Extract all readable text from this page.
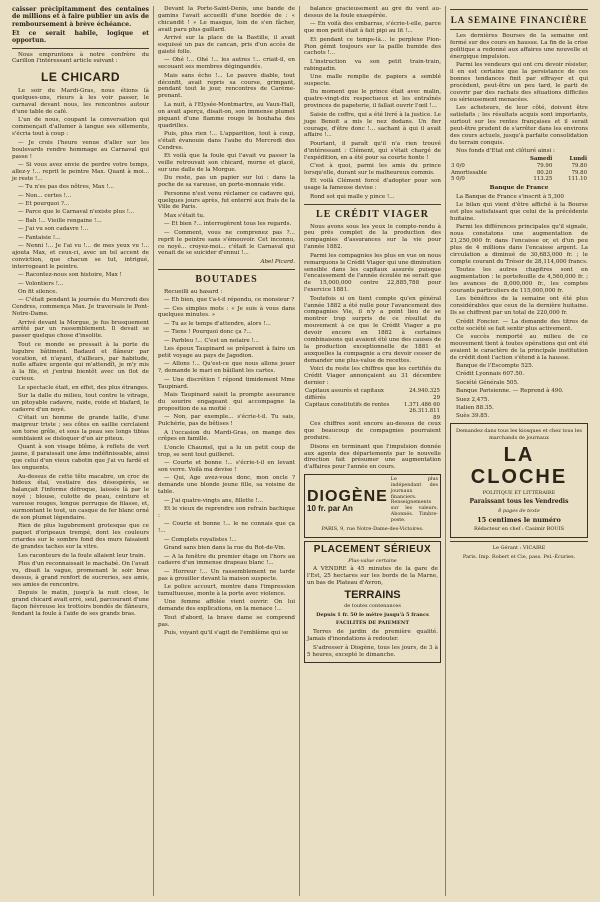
caisser précipitamment des centaines de millions et à faire publier un avis de remboursement à brève échéance.

Et ce serait habile, logique et opportun.

Nous empruntons à notre confrère du Carillon l'intéressant article suivant :

LE CHICARD

Le soir du Mardi-Gras, nous étions là quelques-uns, rieurs à les voir passer, le carnaval devant nous, les rencontres autour d'une table de café.

L'un de nous, coupant la conversation qui commençait d'allumer à langue ses sillements, s'écria tout à coup :

— Je crois l'heure venue d'aller sur les boulevards rendre hommage au Carnaval qui passe !

— Si vous avez envie de perdre votre temps, allez-y !... reprit le peintre Max. Quant à moi... je reste !...

— Tu n'es pas des nôtres, Max !...

— Non... certes !...

— Et pourquoi ?...

— Parce que le Carnaval n'existe plus !...

— Bah !... Vieille rengaine !...

— J'ai vu son cadavre !...

— Fantaisie !...

— Nenni !... Je l'ai vu !... de mes yeux vu !... ajouta Max, et ceux-ci, avec un tel accent de conviction, que chacun se tut, intrigué, interrogeant le peintre.

— Racontez-nous son histoire, Max !

— Volontiers !...

On fit silence.

— C'était pendant la journée du Mercredi des Cendres, commença Max. Je traversais le Pont-Notre-Dame.

Arrivé devant la Morgue, je fus brusquement arrêté par un rassemblement. Il devait se passer quelque chose d'insolite.

Tout ce monde se pressait à la porte du lugubre bâtiment. Badaud et flâneur par vocation, et n'ayant, d'ailleurs, par habitude, nulle affaire urgente qui m'attendît, je m'y mis à la file, et j'entrai bientôt avec un flot de curieux.

Le spectacle était, en effet, des plus étranges.

Sur la dalle du milieu, tout contre le vitrage, un pitoyable cadavre, raide, roide et blafard, le cadavre d'un noyé.

C'était un homme de grande taille, d'une maigreur triste ; ses côtes en saillie cerclaient son torse grêle, et sous la peau ses longs tibias semblaient se disloquer d'un air piteux.

Quant à son visage blême, à reflets de vert jaune, il paraissait une âme indéfinissable, ainsi que celui d'un vieux cabotin que j'ai vu fardé et les onguents.

Au-dessus de cette tête macabre, un croc de hideux étal, vestiaire des désespérés, se balançait l'informe défroque, laissée là par le noyé ; blouse, culotte de peau, ceinture et vareuse rouges, longue perruque de filasse, et, surmontant le tout, un casque de fer blanc orné de son plumet légendaire.

Rien de plus lugubrement grotesque que ce paquet d'oripeaux trempé, dont les couleurs criardes sur le sombre fond des murs faisaient de grandes taches sur la vitre.

Les raconteurs de la foule allaient leur train.

Plus d'un reconnaissait le machabé. On l'avait vu, disait la vague, promenant le soir bras dessus, à grand renfort de sucreries, ses amis, ses amies de rencontre.

Depuis le matin, jusqu'à la nuit close, le grand chicard avait erré, seul, parcourant d'une façon fiévreuse les trottoirs bondés de flâneurs, fendant la foule à l'aide de ses grands bras.

Devant la Porte-Saint-Denis, une bande de gamins l'avait accueilli d'une bordée de : « chicandit ! » Le masque, loin de s'en fâcher, avait paru plus gaillard.

Arrivé sur la place de la Bastille, il avait esquissé un pas de cancan, pris d'un accès de gaieté folle.

— Ohé !... Ohé !... les autres !... criait-il, en secouant ses membres dégingandés.

Mais sans écho !... Le pauvre diable, tout déconfit, avait repris sa course, grimpant, pendant tout le jour, rencontres de Caréme-prenant.

La nuit, à l'Elysée-Montmartre, au Vaux-Hall, on avait aperçu, disait-on, son immense plumet piquant d'une flamme rouge le houhaha des quadrilles.

Puis, plus rien !... L'apparition, tout à coup, s'était évanouie dans l'aube du Mercredi des Cendres.

Et voilà que la foule qui l'avait vu passer la veille retrouvait son chicard, morne et glacé, sur une dalle de la Morgue.

Du reste, pas un papier sur lui : dans la poche de sa vareuse, un porte-monnaie vide.

Personne n'est venu réclamer ce cadavre qui, quelques jours après, fut enterré aux frais de la Ville de Paris.

Max s'était tu.

— Et bien ?... interrogèrent tous les regards.

— Comment, vous ne comprenez pas ?... reprit le peintre sans s'émouvoir. Cet inconnu, ce noyé... croyez-moi... c'était le Carnaval qui venait de se suicider d'ennui !...

Abel Picard.
BOUTADES

Recueilli au hasard :

— Eh bien, que t'a-t-il répondu, ce monsieur ?

— Ces simples mots : « Je suis à vous dans quelques minutes. »

— Tu as le temps d'attendre, alors !...

— Tiens ! Pourquoi donc ça ?...

— Parbleu !... C'est un notaire !...

Les époux Taupinard se préparent à faire un petit voyage au pays de Jagodion.

— Allons !... Qu'est-ce que nous allons jouer ?, demande le mari en bâillant les cartes.

— Une discrétion ! répond timidement Mme Taupinard.

Mais Taupinard saisit la prompte assurance du sourire engageant qui accompagne la proposition de sa moitié :

— Non, par exemple... s'écrie-t-il. Tu sais, Pulchérie, pas de bêtises !

A l'occasion du Mardi-Gras, on mange des crêpes en famille.

L'oncle Chaumel, qui a lu un petit coup de trop, se sent tout guilleret.

— Courte et bonne !... s'écrie-t-il en levant son verre. Voilà ma devise !

— Qui, Age avez-vous donc, mon oncle ? demande une blonde jeune fille, sa voisine de table.

— J'ai quatre-vingts ans, fillette !...

Et le vieux de reprendre son refrain bachique :

— Courte et bonne !... le ne connais que ça !...

— Complets royalistes !...

Grand sans bien dans la rue du Rot-de-Vin.

— A la fenêtre du premier étage on l'hors au cadavre d'un immense drapeau blanc !...

— Horreur !... Un rassemblement ne tarde pas à grouiller devant la maison suspecte.

Le police accourt, montre dans l'impression tumultueuse, monte à la porte avec violence.

Une femme affolée vient ouvrir. On lui demande des explications, on la menace !...

Tout d'abord, la brave dame se comprend pas.

Puis, voyant qu'il s'agit de l'emblème qui se

balance gracieusement au gré du vent au-dessus de la foule exaspérée.

— En voilà des embarras, s'écrie-t-elle, parce que mon petit était à fait pipi au lit !...

Et pendant ce temps-là... le perplexe Pion-Pion gémit toujours sur la paille humide des cachots !...

L'instruction va son petit train-train, rabingadin.

Une malle remplie de papiers a semblé suspecte.

Du moment que le prince était avec malin, quatre-vingt-dix respectueux et les entraînés provinces de papeterie, il fallait ouvrir l'œil !...

Saisie de coffre, qui a été livré à la justice. Le juge Benoit a mis le nez dedans. Un fier courage, d'être donc !... sachant à qui il avait affaire !...

Pourtant, il paraît qu'il n'a rien trouvé d'intéressant : Clément, qui s'était chargé de l'expédition, en a été pour sa courte honte !

C'est à quoi, parmi les amis du prince lorsqu'elle, durant sur le malheureux commis.

Et voilà Clément forcé d'adopter pour son usage la fameuse devise :

Rond sot qui malle y pince !...

LE CRÉDIT VIAGER

Nous avons sous les yeux le compte-rendu à peu près complet de la production des compagnies d'assurances sur la vie pour l'année 1882.

Parmi les compagnies les plus en vue on nous remarquons le Crédit Viager qui une diminution sensible dans les capitaux assurés puisque l'encaissement de l'année écoulée ne serait que de 15,000,000 contre 22,885,788 pour l'exercice 1881.

Toutefois si on tient compte qu'en général l'année 1882 a été nulle pour l'avancement des compagnies Vie, il n'y a point lieu de se montrer trop surpris de ce résultat du mouvement à ce que le Crédit Viager a pu devoir encore en 1882 à certaines combinaisons qui avaient été une des causes de la production exceptionnelle de 1881 et auxquelles la compagnie a cru devoir cesser de demander une plus-value de recettes.

Voici du reste les chiffres que les certifiés du Crédit Viager annonçaient au 31 décembre dernier :

Capitaux assurés et capitaux différés	24.940.325 29
Capitaux constitutifs de rentes	1.371.486 60
	26.311.811 89

Ces chiffres sont encore au-dessus de ceux que beaucoup de compagnies pourraient produire.

Disons en terminant que l'impulsion donnée aux agents des départements par le nouvelle direction fait présumer une augmentation d'affaires pour l'année en cours.

DIOGÈNE
10 fr. par An
Le plus indépendant des journaux financiers. Renseignements sur les valeurs. Abonnés. Timbre-poste.
PARIS, 9, rue Notre-Dame-des-Victoires.
PLACEMENT SÉRIEUX
Plus-value certaine

A VENDRE à 45 minutes de la gare de l'Est, 25 hectares sur les bords de la Marne, un bas de Plateau d'Avron,

TERRAINS
de toutes contenances
Depuis 1 fr. 50 le mètre jusqu'à 5 francs
FACILITÉS DE PAIEMENT

Terres de jardin de première qualité. Jamais d'inondations à redouter.

S'adresser à Diogène, tous les jours, de 3 à 5 heures, excepté le dimanche.

LA SEMAINE FINANCIÈRE

Les dernières Bourses de la semaine ont fermé sur des cours en hausse. La fin de la crise politique a redonné aux affaires une nouvelle et énergique impulsion.

Parmi les vendeurs qui ont cru devoir résister, il en est certains que la persistance de ces bonnes tendances finit par effrayer et qui procèdent, peut-être un peu tard, le parti de couvrir par des rachats des situations difficiles ou sérieusement menacées.

Les acheteurs, de leur côté, doivent être satisfaits ; les résultats acquis sont importants, surtout sur les rentes françaises et il serait peut-être prudent de s'arrêter dans les environs des cours actuels, jusqu'à parfaite consolidation du terrain conquis.

Nos fonds d'Etat ont clôturé ainsi :

	Samedi	Lundi
3 0/0	79.90	79.80
Amortissable	80.20	79.80
5 0/0	113.25	111.10
Banque de France

La Banque de France s'inscrit à 5,300

Le bilan qui vient d'être affiché à la Bourse est plus satisfaisant que celui de la précédente huitaine.

Parmi les différences principales qu'il signale, nous constatons une augmentation de 21,250,000 fr. dans l'encaisse or, et d'un peu plus de 4 millions dans l'encaisse argent. La circulation a diminué de 30,683,000 fr. ; le compte courant du Trésor de 28,114,000 francs.

Toutes les autres chapitres sont en augmentation : le portefeuille de 4,560,000 fr. ; les avances de 8,000,000 fr., les comptes courants particuliers de 115,000,000 fr.

Les bénéfices de la semaine ont été plus considérables que ceux de la dernière huitaine. Ils se chiffrent par un total de 220,000 fr.

Crédit Foncier. — La demande des titres de cette société se fait sentir plus activement.

Ce succès remporté au milieu de ce mouvement tient à toutes opérations qui ont été avaient le caractère de la principale institution de crédit dont l'action s'étend à la hausse.

Banque de l'Escompte 525.

Crédit Lyonnais 607.50.

Société Générale 505.

Banque Parisienne. — Reprend à 490.

Suez 2,475.

Italien 88.35.

Suès 39.85.

Demandez dans tous les kiosques et chez tous les marchands de journaux
LA CLOCHE
POLITIQUE ET LITTÉRAIRE
Paraissant tous les Vendredis
8 pages de texte
15 centimes le numéro
Rédacteur en chef : Casimir BOUIS
Le Gérant : VICAIRE
Paris. Imp. Robert et Cie, pass. Pel.-Écuries.
